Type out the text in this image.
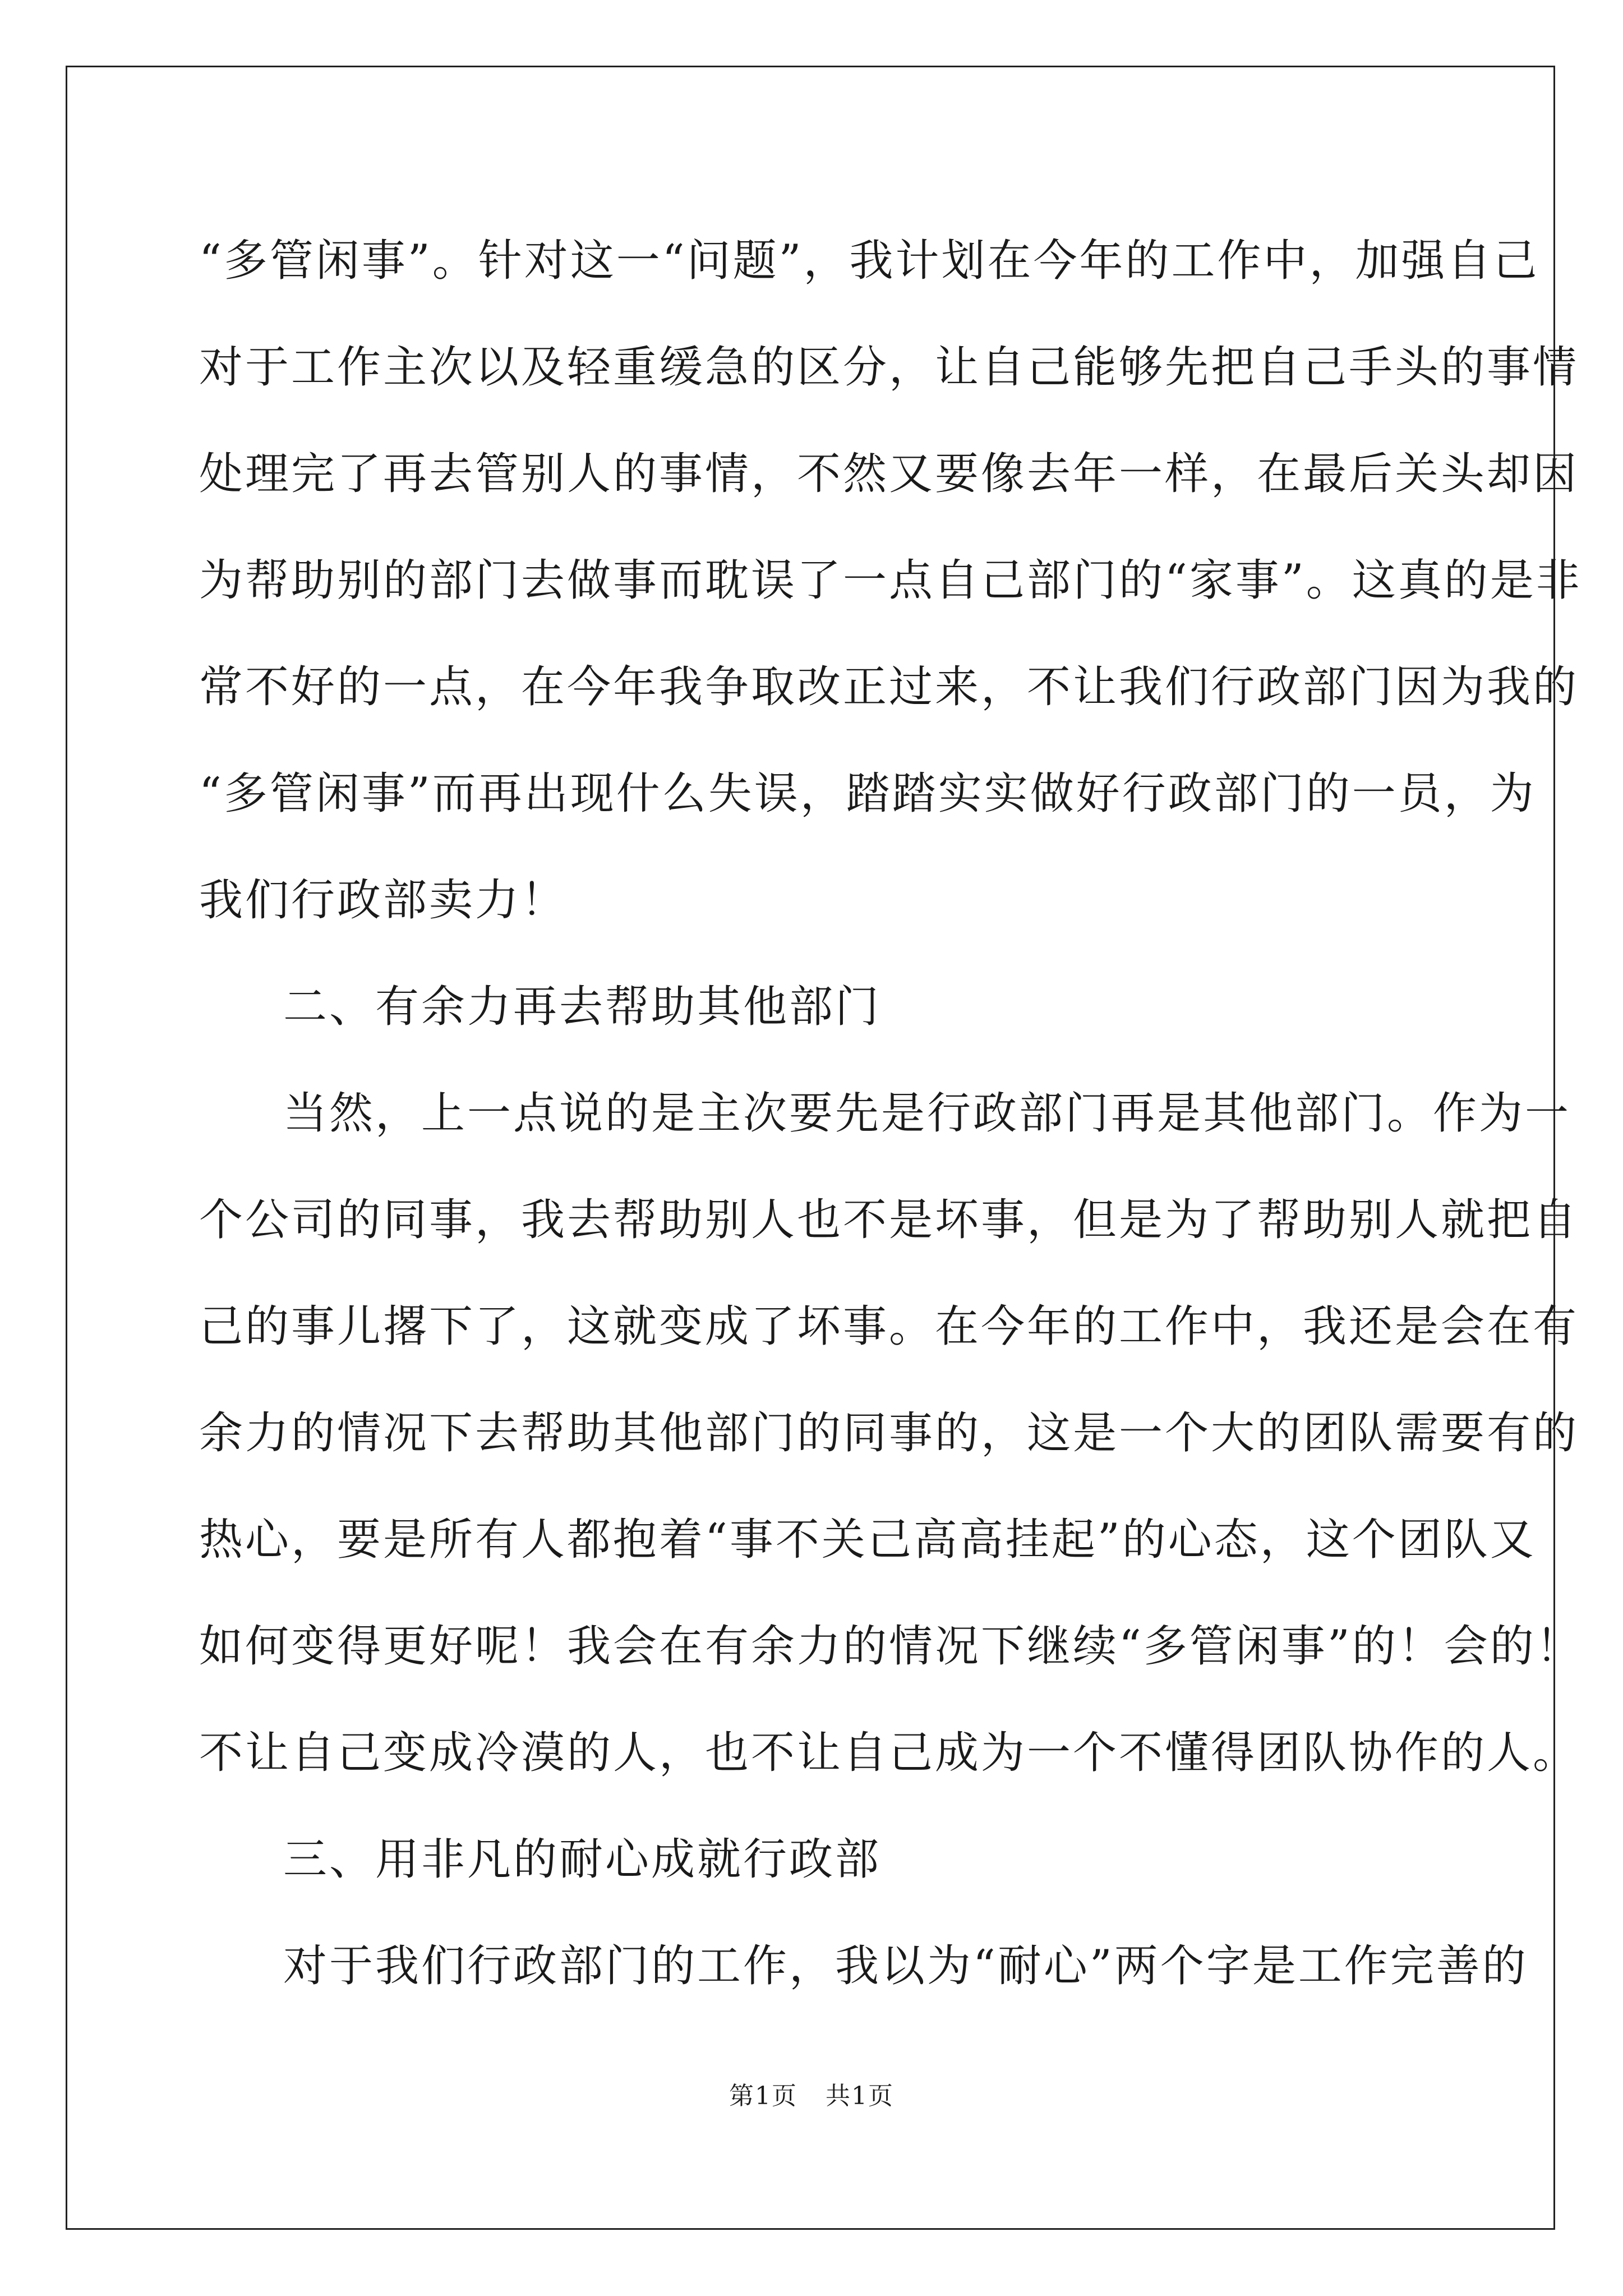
“多管闲事”。针对这一“问题”，我计划在今年的工作中，加强自己
对于工作主次以及轻重缓急的区分，让自己能够先把自己手头的事情
处理完了再去管别人的事情，不然又要像去年一样，在最后关头却因
为帮助别的部门去做事而耽误了一点自己部门的“家事”。这真的是非
常不好的一点，在今年我争取改正过来，不让我们行政部门因为我的
“多管闲事”而再出现什么失误，踏踏实实做好行政部门的一员，为
我们行政部卖力！
二、有余力再去帮助其他部门
当然，上一点说的是主次要先是行政部门再是其他部门。作为一
个公司的同事，我去帮助别人也不是坏事，但是为了帮助别人就把自
己的事儿撂下了，这就变成了坏事。在今年的工作中，我还是会在有
余力的情况下去帮助其他部门的同事的，这是一个大的团队需要有的
热心，要是所有人都抱着“事不关己高高挂起”的心态，这个团队又
如何变得更好呢！我会在有余力的情况下继续“多管闲事”的！会的！
不让自己变成冷漠的人，也不让自己成为一个不懂得团队协作的人。
三、用非凡的耐心成就行政部
对于我们行政部门的工作，我以为“耐心”两个字是工作完善的
第1页 共1页
